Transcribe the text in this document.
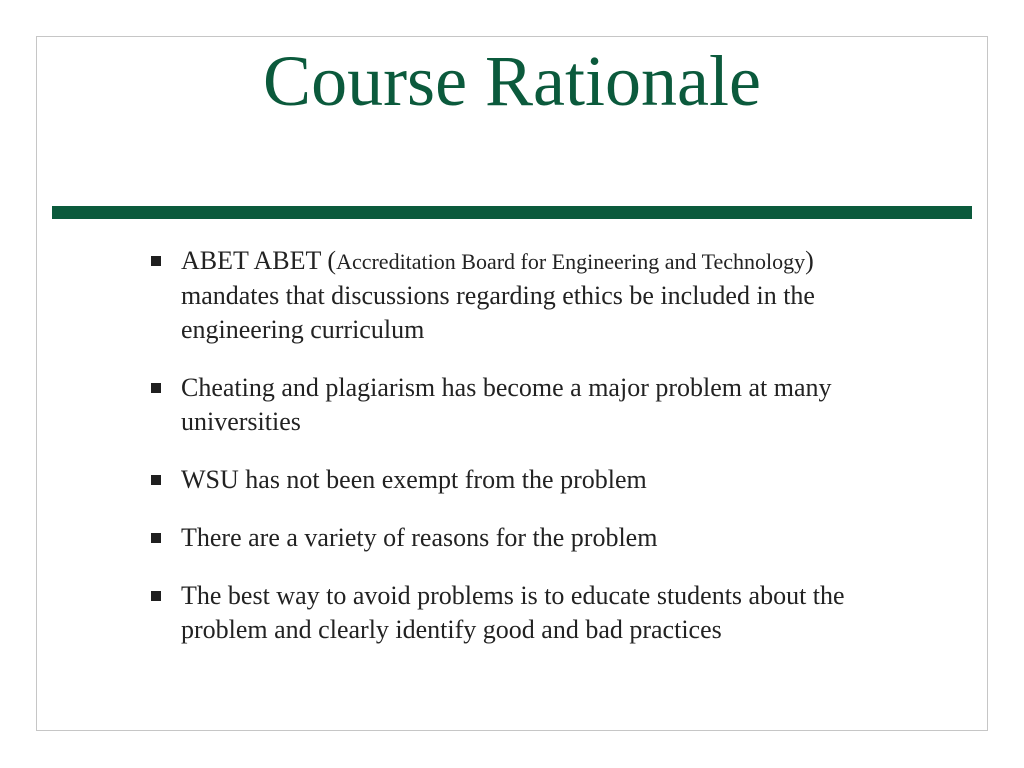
Course Rationale
ABET ABET (Accreditation Board for Engineering and Technology) mandates that discussions regarding ethics be included in the engineering curriculum
Cheating and plagiarism has become a major problem at many universities
WSU has not been exempt from the problem
There are a variety of reasons for the problem
The best way to avoid problems is to educate students about the problem and clearly identify good and bad practices
